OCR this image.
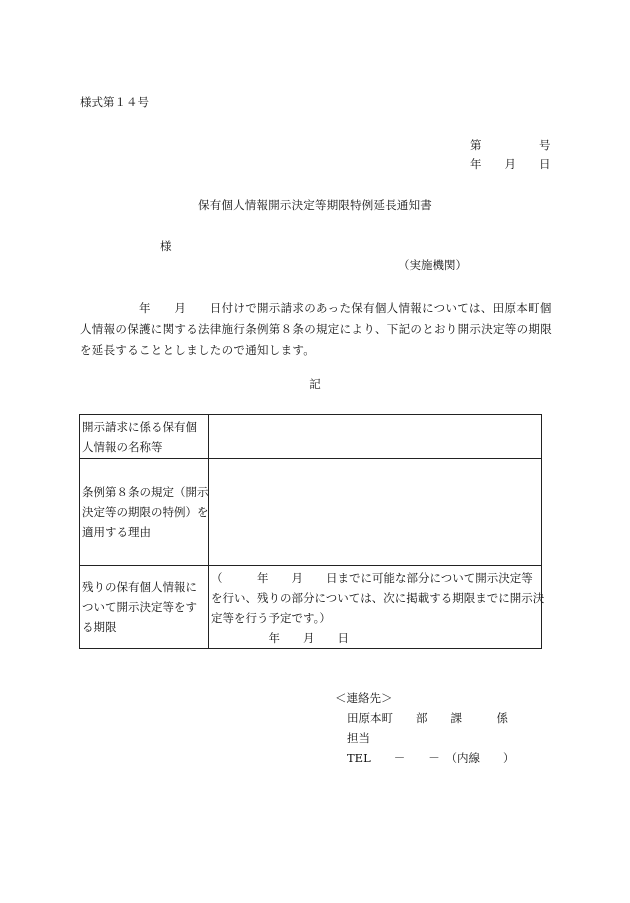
様式第１４号
第　　　　　号
年　　月　　日
保有個人情報開示決定等期限特例延長通知書
様
（実施機関）
　　　　　年　　月　　日付けで開示請求のあった保有個人情報については、田原本町個
人情報の保護に関する法律施行条例第８条の規定により、下記のとおり開示決定等の期限
を延長することとしましたので通知します。
記
開示請求に係る保有個
人情報の名称等	

条例第８条の規定（開示
決定等の期限の特例）を
適用する理由	

残りの保有個人情報に
ついて開示決定等をす
る期限	（　　　年　　月　　日までに可能な部分について開示決定等
を行い、残りの部分については、次に掲載する期限までに開示決
定等を行う予定です。）
　　　　　年　　月　　日
＜連絡先＞
田原本町　　部　　課　　　係
担当
TEL　　－　　－　（内線　　）
